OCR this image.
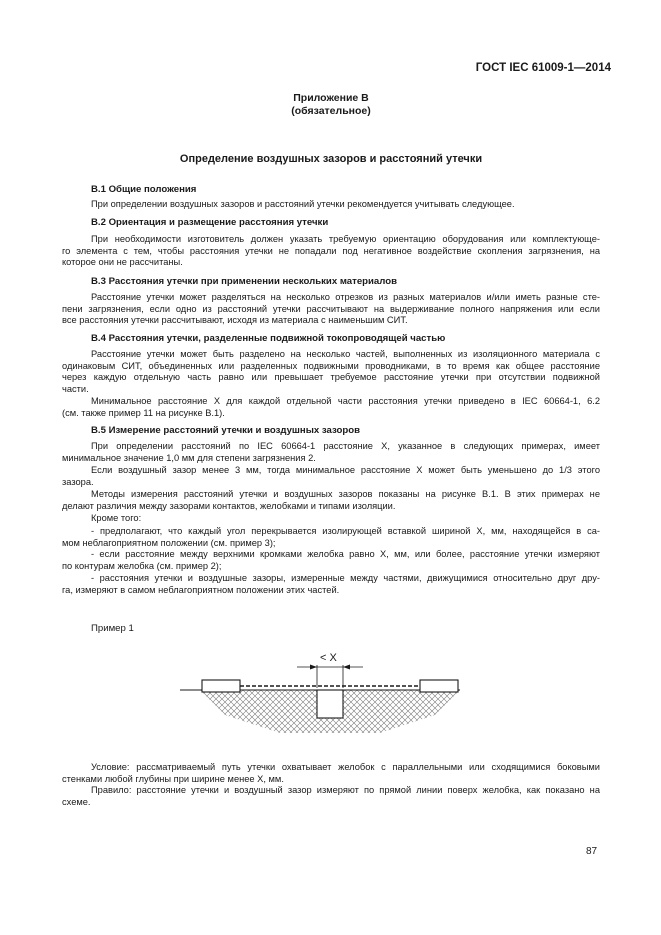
ГОСТ IEC 61009-1—2014
Приложение В
(обязательное)
Определение воздушных зазоров и расстояний утечки
В.1 Общие положения
При определении воздушных зазоров и расстояний утечки рекомендуется учитывать следующее.
В.2 Ориентация и размещение расстояния утечки
При необходимости изготовитель должен указать требуемую ориентацию оборудования или комплектующе-
го элемента с тем, чтобы расстояния утечки не попадали под негативное воздействие скопления загрязнения, на
которое они не рассчитаны.
В.3 Расстояния утечки при применении нескольких материалов
Расстояние утечки может разделяться на несколько отрезков из разных материалов и/или иметь разные сте-
пени загрязнения, если одно из расстояний утечки рассчитывают на выдерживание полного напряжения или если
все расстояния утечки рассчитывают, исходя из материала с наименьшим СИТ.
В.4 Расстояния утечки, разделенные подвижной токопроводящей частью
Расстояние утечки может быть разделено на несколько частей, выполненных из изоляционного материала с
одинаковым СИТ, объединенных или разделенных подвижными проводниками, в то время как общее расстояние
через каждую отдельную часть равно или превышает требуемое расстояние утечки при отсутствии подвижной
части.
Минимальное расстояние X для каждой отдельной части расстояния утечки приведено в IEC 60664-1, 6.2
(см. также пример 11 на рисунке В.1).
В.5 Измерение расстояний утечки и воздушных зазоров
При определении расстояний по IEC 60664-1 расстояние X, указанное в следующих примерах, имеет
минимальное значение 1,0 мм для степени загрязнения 2.
Если воздушный зазор менее 3 мм, тогда минимальное расстояние X может быть уменьшено до 1/3 этого
зазора.
Методы измерения расстояний утечки и воздушных зазоров показаны на рисунке В.1. В этих примерах не
делают различия между зазорами контактов, желобками и типами изоляции.
Кроме того:
- предполагают, что каждый угол перекрывается изолирующей вставкой шириной X, мм, находящейся в са-
мом неблагоприятном положении (см. пример 3);
- если расстояние между верхними кромками желобка равно X, мм, или более, расстояние утечки измеряют
по контурам желобка (см. пример 2);
- расстояния утечки и воздушные зазоры, измеренные между частями, движущимися относительно друг дру-
га, измеряют в самом неблагоприятном положении этих частей.
Пример 1
< X
Условие: рассматриваемый путь утечки охватывает желобок с параллельными или сходящимися боковыми
стенками любой глубины при ширине менее X, мм.
Правило: расстояние утечки и воздушный зазор измеряют по прямой линии поверх желобка, как показано на
схеме.
87
